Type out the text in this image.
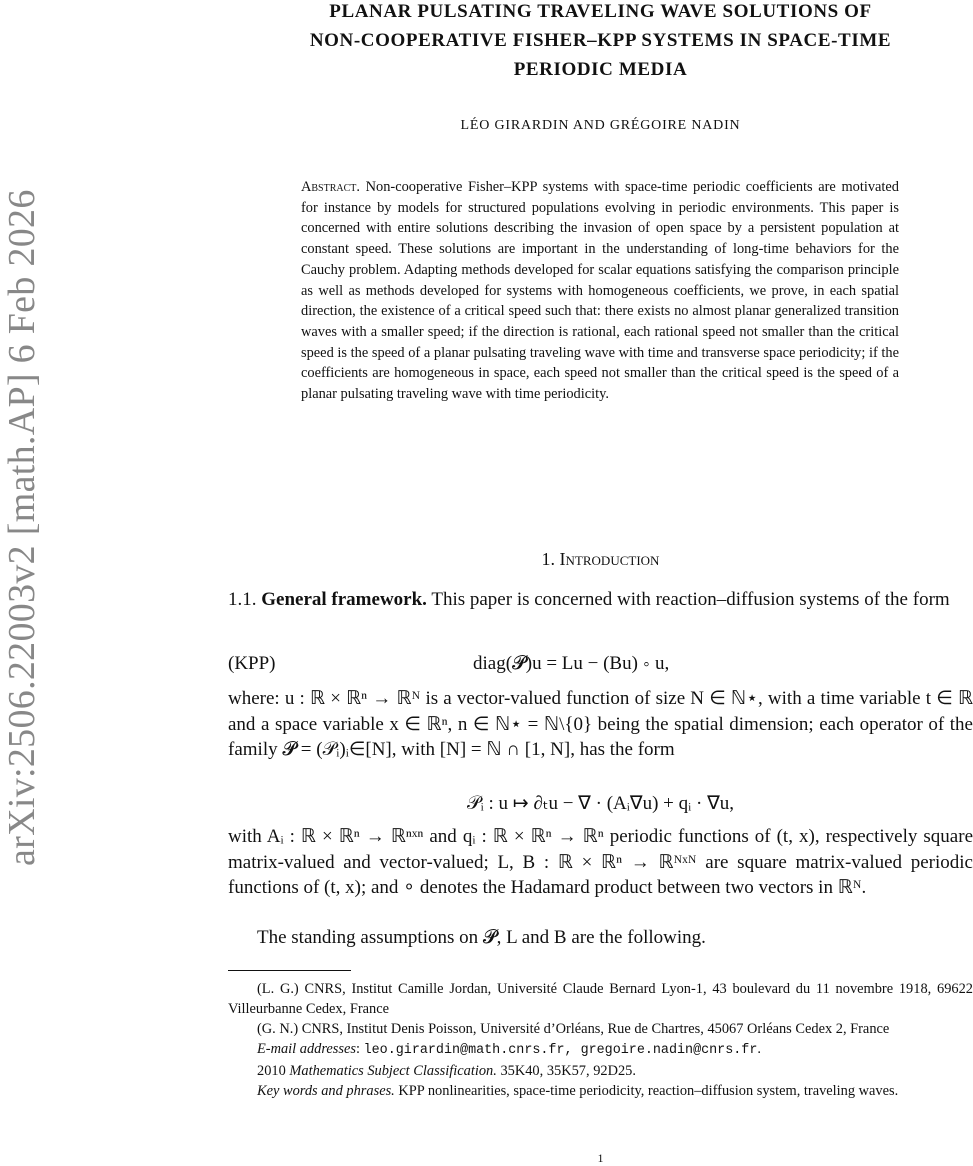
arXiv:2506.22003v2 [math.AP] 6 Feb 2026
PLANAR PULSATING TRAVELING WAVE SOLUTIONS OF
NON-COOPERATIVE FISHER–KPP SYSTEMS IN SPACE-TIME
PERIODIC MEDIA
LÉO GIRARDIN AND GRÉGOIRE NADIN
Abstract. Non-cooperative Fisher–KPP systems with space-time periodic coefficients are motivated for instance by models for structured populations evolving in periodic environments. This paper is concerned with entire solutions describing the invasion of open space by a persistent population at constant speed. These solutions are important in the understanding of long-time behaviors for the Cauchy problem. Adapting methods developed for scalar equations satisfying the comparison principle as well as methods developed for systems with homogeneous coefficients, we prove, in each spatial direction, the existence of a critical speed such that: there exists no almost planar generalized transition waves with a smaller speed; if the direction is rational, each rational speed not smaller than the critical speed is the speed of a planar pulsating traveling wave with time and transverse space periodicity; if the coefficients are homogeneous in space, each speed not smaller than the critical speed is the speed of a planar pulsating traveling wave with time periodicity.
1. Introduction
1.1. General framework. This paper is concerned with reaction–diffusion systems of the form
(KPP)	diag(𝓟)u = Lu − (Bu) ∘ u,
where: u : ℝ × ℝⁿ → ℝᴺ is a vector-valued function of size N ∈ ℕ⋆, with a time variable t ∈ ℝ and a space variable x ∈ ℝⁿ, n ∈ ℕ⋆ = ℕ\{0} being the spatial dimension; each operator of the family 𝓟 = (𝒫ᵢ)ᵢ∈[N], with [N] = ℕ ∩ [1, N], has the form
𝒫ᵢ : u ↦ ∂ₜu − ∇ · (Aᵢ∇u) + qᵢ · ∇u,
with Aᵢ : ℝ × ℝⁿ → ℝⁿˣⁿ and qᵢ : ℝ × ℝⁿ → ℝⁿ periodic functions of (t, x), respectively square matrix-valued and vector-valued; L, B : ℝ × ℝⁿ → ℝᴺˣᴺ are square matrix-valued periodic functions of (t, x); and ∘ denotes the Hadamard product between two vectors in ℝᴺ.
The standing assumptions on 𝓟, L and B are the following.

(L. G.) CNRS, Institut Camille Jordan, Université Claude Bernard Lyon-1, 43 boulevard du 11 novembre 1918, 69622 Villeurbanne Cedex, France

(G. N.) CNRS, Institut Denis Poisson, Université d’Orléans, Rue de Chartres, 45067 Orléans Cedex 2, France

E-mail addresses: leo.girardin@math.cnrs.fr, gregoire.nadin@cnrs.fr.

2010 Mathematics Subject Classification. 35K40, 35K57, 92D25.

Key words and phrases. KPP nonlinearities, space-time periodicity, reaction–diffusion system, traveling waves.

1
